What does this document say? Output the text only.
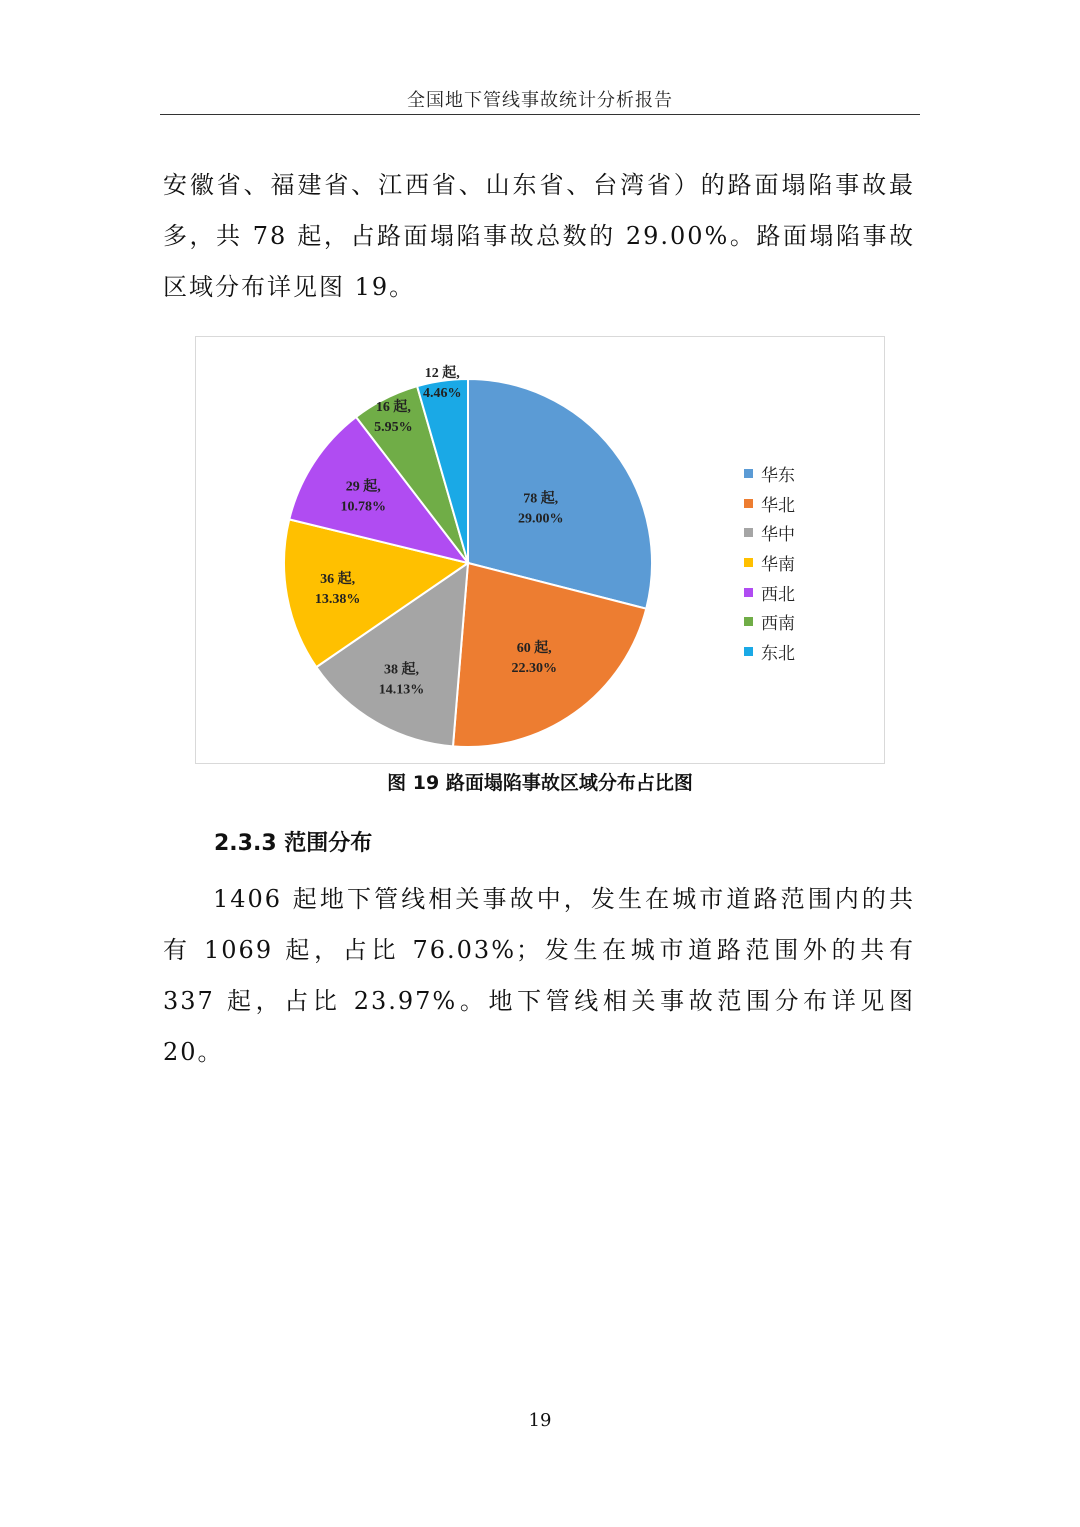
全国地下管线事故统计分析报告

安徽省、福建省、江西省、山东省、台湾省）的路面塌陷事故最多，共 78 起，占路面塌陷事故总数的 29.00%。路面塌陷事故区域分布详见图 19。

78 起,
29.00%
60 起,
22.30%
38 起,
14.13%
36 起,
13.38%
29 起,
10.78%
16 起,
5.95%
12 起,
4.46%
华东
华北
华中
华南
西北
西南
东北
图 19 路面塌陷事故区域分布占比图
2.3.3 范围分布

1406 起地下管线相关事故中，发生在城市道路范围内的共有 1069 起，占比 76.03%；发生在城市道路范围外的共有 337 起，占比 23.97%。地下管线相关事故范围分布详见图 20。

19
